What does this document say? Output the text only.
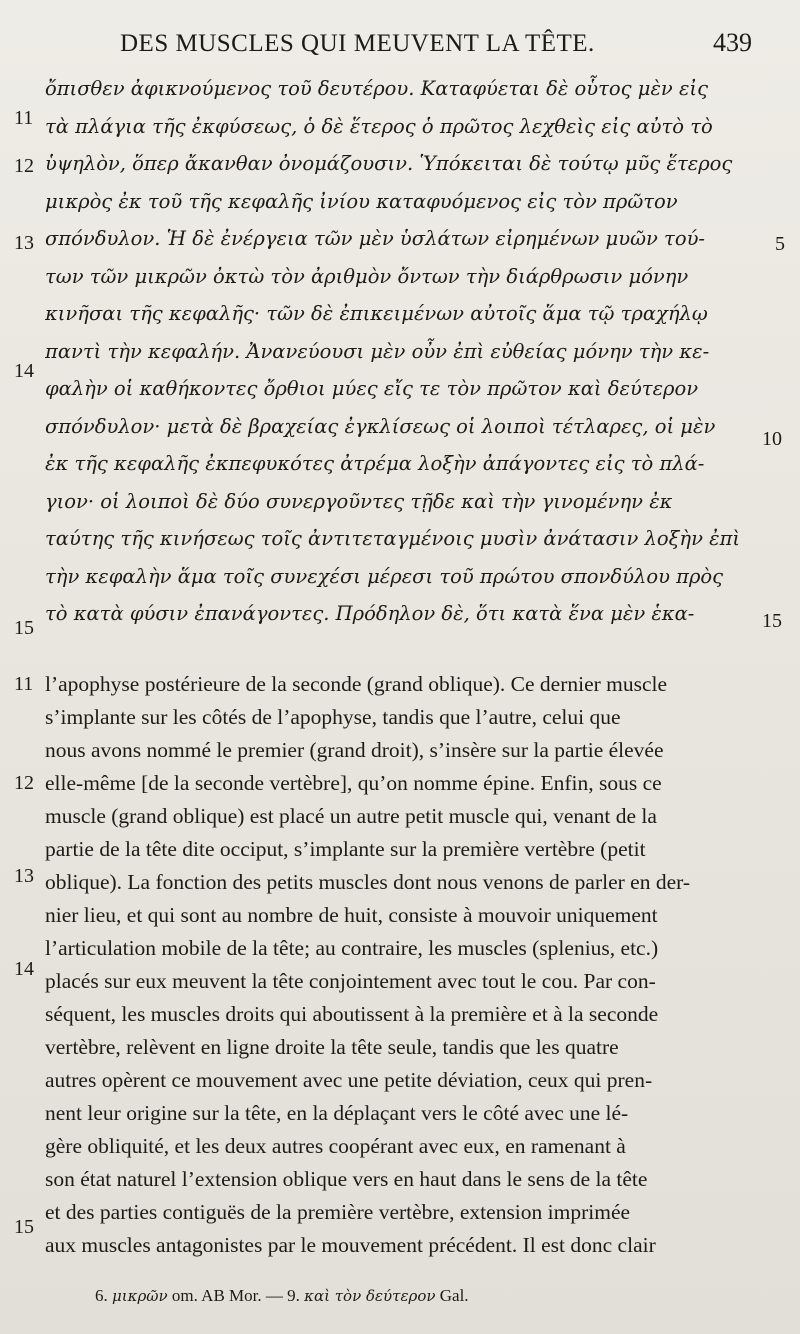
DES MUSCLES QUI MEUVENT LA TÊTE.	439
ὄπισθεν ἀφικνούμενος τοῦ δευτέρου. Καταφύεται δὲ οὗτος μὲν εἰς
τὰ πλάγια τῆς ἐκφύσεως, ὁ δὲ ἕτερος ὁ πρῶτος λεχθεὶς εἰς αὐτὸ τὸ
ὑψηλὸν, ὅπερ ἄκανθαν ὀνομάζουσιν. Ὑπόκειται δὲ τούτῳ μῦς ἕτερος
μικρὸς ἐκ τοῦ τῆς κεφαλῆς ἰνίου καταφυόμενος εἰς τὸν πρῶτον
σπόνδυλον. Ἡ δὲ ἐνέργεια τῶν μὲν ὑσλάτων εἰρημένων μυῶν τού-
των τῶν μικρῶν ὀκτὼ τὸν ἀριθμὸν ὄντων τὴν διάρθρωσιν μόνην
κινῆσαι τῆς κεφαλῆς· τῶν δὲ ἐπικειμένων αὐτοῖς ἅμα τῷ τραχήλῳ
παντὶ τὴν κεφαλήν. Ἀνανεύουσι μὲν οὖν ἐπὶ εὐθείας μόνην τὴν κε-
φαλὴν οἱ καθήκοντες ὄρθιοι μύες εἴς τε τὸν πρῶτον καὶ δεύτερον
σπόνδυλον· μετὰ δὲ βραχείας ἐγκλίσεως οἱ λοιποὶ τέτλαρες, οἱ μὲν
ἐκ τῆς κεφαλῆς ἐκπεφυκότες ἀτρέμα λοξὴν ἀπάγοντες εἰς τὸ πλά-
γιον· οἱ λοιποὶ δὲ δύο συνεργοῦντες τῇδε καὶ τὴν γινομένην ἐκ
ταύτης τῆς κινήσεως τοῖς ἀντιτεταγμένοις μυσὶν ἀνάτασιν λοξὴν ἐπὶ
τὴν κεφαλὴν ἅμα τοῖς συνεχέσι μέρεσι τοῦ πρώτου σπονδύλου πρὸς
τὸ κατὰ φύσιν ἐπανάγοντες. Πρόδηλον δὲ, ὅτι κατὰ ἕνα μὲν ἑκα-
11
12
13
14
15
5
10
15
l’apophyse postérieure de la seconde (grand oblique). Ce dernier muscle
s’implante sur les côtés de l’apophyse, tandis que l’autre, celui que
nous avons nommé le premier (grand droit), s’insère sur la partie élevée
elle-même [de la seconde vertèbre], qu’on nomme épine. Enfin, sous ce
muscle (grand oblique) est placé un autre petit muscle qui, venant de la
partie de la tête dite occiput, s’implante sur la première vertèbre (petit
oblique). La fonction des petits muscles dont nous venons de parler en der-
nier lieu, et qui sont au nombre de huit, consiste à mouvoir uniquement
l’articulation mobile de la tête; au contraire, les muscles (splenius, etc.)
placés sur eux meuvent la tête conjointement avec tout le cou. Par con-
séquent, les muscles droits qui aboutissent à la première et à la seconde
vertèbre, relèvent en ligne droite la tête seule, tandis que les quatre
autres opèrent ce mouvement avec une petite déviation, ceux qui pren-
nent leur origine sur la tête, en la déplaçant vers le côté avec une lé-
gère obliquité, et les deux autres coopérant avec eux, en ramenant à
son état naturel l’extension oblique vers en haut dans le sens de la tête
et des parties contiguës de la première vertèbre, extension imprimée
aux muscles antagonistes par le mouvement précédent. Il est donc clair
11
12
13
14
15
6. μικρῶν om. AB Mor. — 9. καὶ τὸν δεύτερον Gal.
